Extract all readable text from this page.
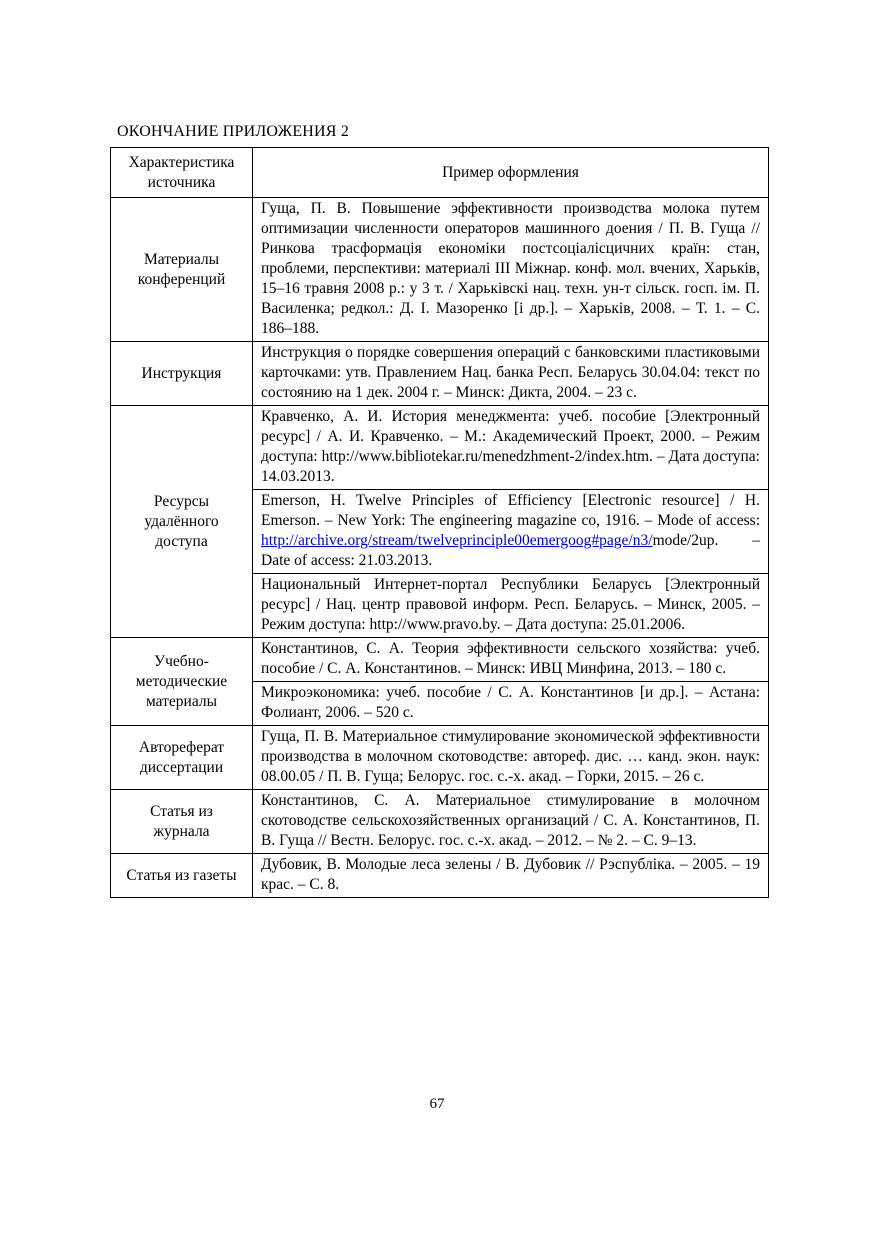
ОКОНЧАНИЕ ПРИЛОЖЕНИЯ 2
Характеристика источника	Пример оформления
Материалы конференций	Гуща, П. В. Повышение эффективности производства молока путем оптимизации численности операторов машинного доения / П. В. Гуща // Ринкова трасформація економіки постсоціалісцичних країн: стан, проблеми, перспективи: материалі ІІІ Міжнар. конф. мол. вчених, Харьків, 15–16 травня 2008 р.: у 3 т. / Харьківскі нац. техн. ун-т сільск. госп. ім. П. Василенка; редкол.: Д. І. Мазоренко [і др.]. – Харьків, 2008. – Т. 1. – С. 186–188.
Инструкция	Инструкция о порядке совершения операций с банковскими пластиковыми карточками: утв. Правлением Нац. банка Респ. Беларусь 30.04.04: текст по состоянию на 1 дек. 2004 г. – Минск: Дикта, 2004. – 23 с.
Ресурсы удалённого доступа	Кравченко, А. И. История менеджмента: учеб. пособие [Электронный ресурс] / А. И. Кравченко. – М.: Академический Проект, 2000. – Режим доступа: http://www.bibliotekar.ru/menedzhment-2/index.htm. – Дата доступа: 14.03.2013.
	Emerson, H. Twelve Principles of Efficiency [Electronic resource] / H. Emerson. – New York: The engineering magazine co, 1916. – Mode of access: http://archive.org/stream/twelveprinciple00emergoog#page/n3/mode/2up. – Date of access: 21.03.2013.
	Национальный Интернет-портал Республики Беларусь [Электронный ресурс] / Нац. центр правовой информ. Респ. Беларусь. – Минск, 2005. – Режим доступа: http://www.pravo.by. – Дата доступа: 25.01.2006.
Учебно-методические материалы	Константинов, С. А. Теория эффективности сельского хозяйства: учеб. пособие / С. А. Константинов. – Минск: ИВЦ Минфина, 2013. – 180 с.
	Микроэкономика: учеб. пособие / С. А. Константинов [и др.]. – Астана: Фолиант, 2006. – 520 с.
Автореферат диссертации	Гуща, П. В. Материальное стимулирование экономической эффективности производства в молочном скотоводстве: автореф. дис. … канд. экон. наук: 08.00.05 / П. В. Гуща; Белорус. гос. с.-х. акад. – Горки, 2015. – 26 с.
Статья из журнала	Константинов, С. А. Материальное стимулирование в молочном скотоводстве сельскохозяйственных организаций / С. А. Константинов, П. В. Гуща // Вестн. Белорус. гос. с.-х. акад. – 2012. – № 2. – С. 9–13.
Статья из газеты	Дубовик, В. Молодые леса зелены / В. Дубовик // Рэспубліка. – 2005. – 19 крас. – С. 8.
67
